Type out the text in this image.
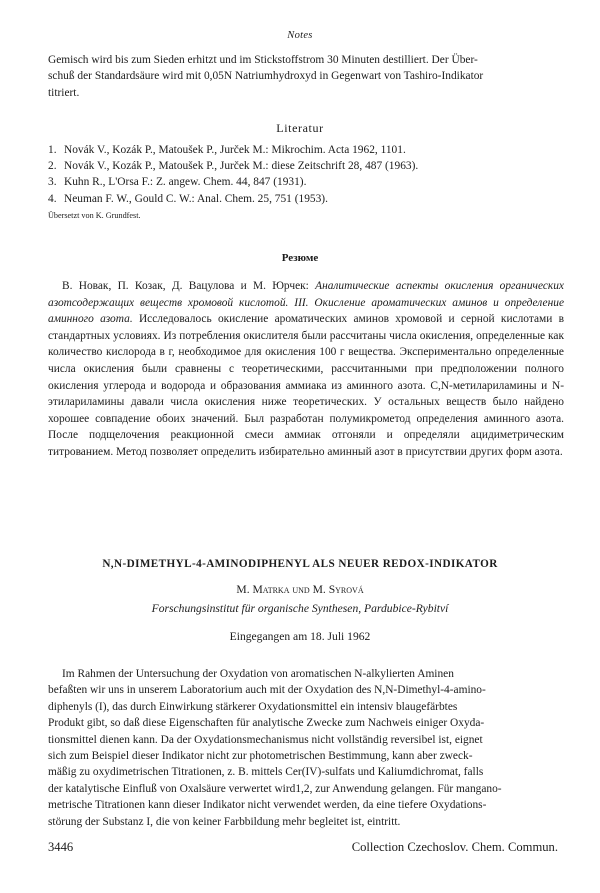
Notes
Gemisch wird bis zum Sieden erhitzt und im Stickstoffstrom 30 Minuten destilliert. Der Über-
schuß der Standardsäure wird mit 0,05N Natriumhydroxyd in Gegenwart von Tashiro-Indikator
titriert.
Literatur
1. Novák V., Kozák P., Matoušek P., Jurček M.: Mikrochim. Acta 1962, 1101.
2. Novák V., Kozák P., Matoušek P., Jurček M.: diese Zeitschrift 28, 487 (1963).
3. Kuhn R., L'Orsa F.: Z. angew. Chem. 44, 847 (1931).
4. Neuman F. W., Gould C. W.: Anal. Chem. 25, 751 (1953).
Übersetzt von K. Grundfest.
Резюме

В. Новак, П. Козак, Д. Вацулова и М. Юрчек: Аналитические аспекты окисления органических азотсодержащих веществ хромовой кислотой. III. Окисление ароматических аминов и определение аминного азота. Исследовалось окисление ароматических аминов хромовой и серной кислотами в стандартных условиях. Из потребления окислителя были рассчитаны числа окисления, определенные как количество кислорода в г, необходимое для окисления 100 г вещества. Экспериментально определенные числа окисления были сравнены с теоретическими, рассчитанными при предположении полного окисления углерода и водорода и образования аммиака из аминного азота. С,N-метилариламины и N-этилариламины давали числа окисления ниже теоретических. У остальных веществ было найдено хорошее совпадение обоих значений. Был разработан полумикрометод определения аминного азота. После подщелочения реакционной смеси аммиак отгоняли и определяли ацидиметрическим титрованием. Метод позволяет определить избирательно аминный азот в присутствии других форм азота.

N,N-DIMETHYL-4-AMINODIPHENYL ALS NEUER REDOX-INDIKATOR
M. Matrka und M. Syrová
Forschungsinstitut für organische Synthesen, Pardubice-Rybitví
Eingegangen am 18. Juli 1962
Im Rahmen der Untersuchung der Oxydation von aromatischen N-alkylierten Aminen
befaßten wir uns in unserem Laboratorium auch mit der Oxydation des N,N-Dimethyl-4-amino-
diphenyls (I), das durch Einwirkung stärkerer Oxydationsmittel ein intensiv blaugefärbtes
Produkt gibt, so daß diese Eigenschaften für analytische Zwecke zum Nachweis einiger Oxyda-
tionsmittel dienen kann. Da der Oxydationsmechanismus nicht vollständig reversibel ist, eignet
sich zum Beispiel dieser Indikator nicht zur photometrischen Bestimmung, kann aber zweck-
mäßig zu oxydimetrischen Titrationen, z. B. mittels Cer(IV)-sulfats und Kaliumdichromat, falls
der katalytische Einfluß von Oxalsäure verwertet wird1,2, zur Anwendung gelangen. Für mangano-
metrische Titrationen kann dieser Indikator nicht verwendet werden, da eine tiefere Oxydations-
störung der Substanz I, die von keiner Farbbildung mehr begleitet ist, eintritt.
3446	Collection Czechoslov. Chem. Commun.
